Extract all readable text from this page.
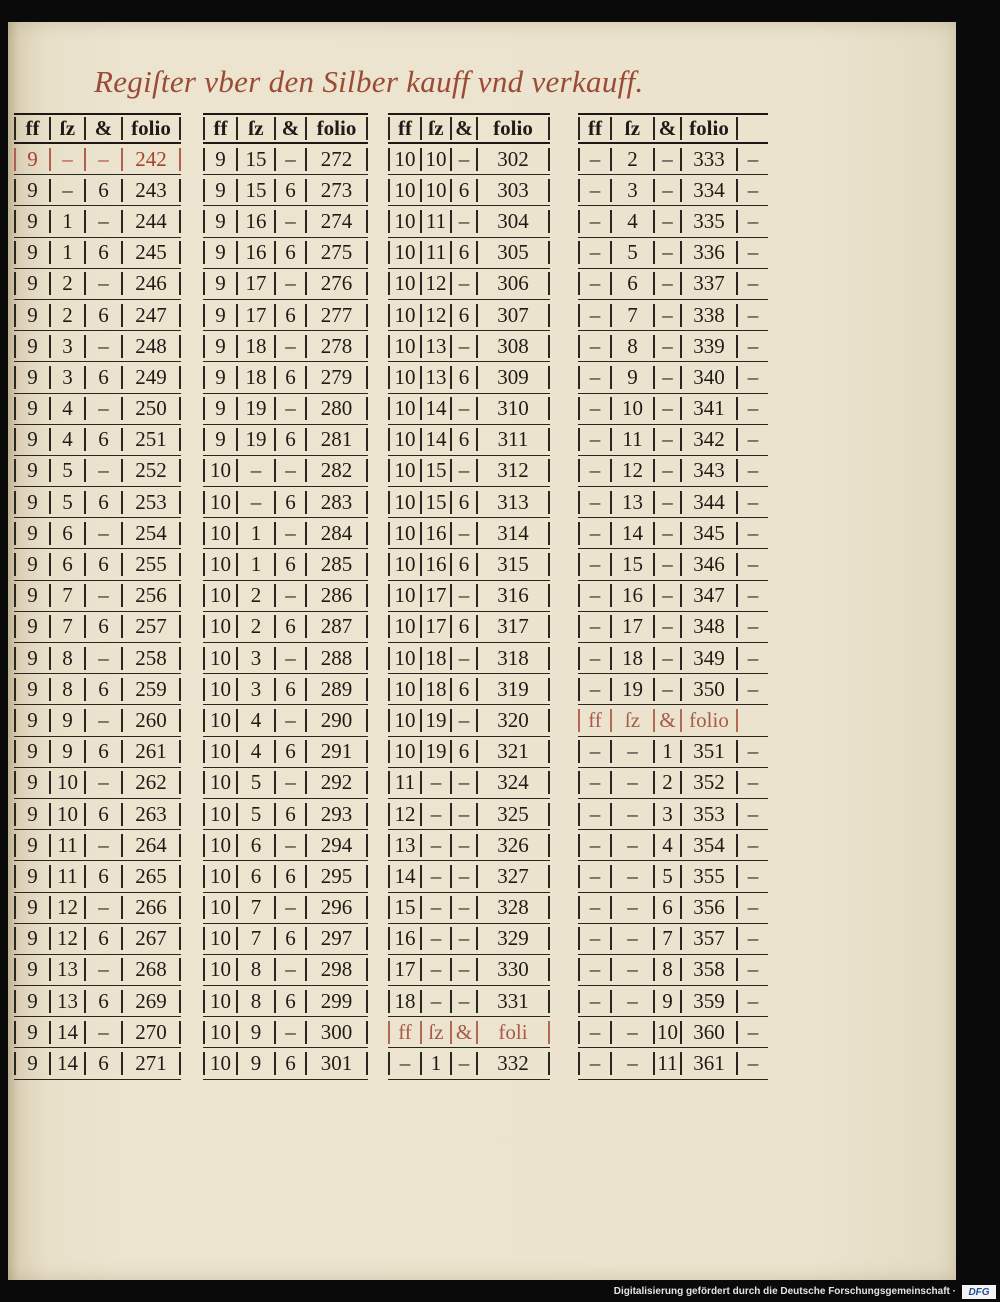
Regiſter vber den Silber kauff vnd verkauff.
ff ſz & folio
9	–	–	242
9	–	6	243
9	1	–	244
9	1	6	245
9	2	–	246
9	2	6	247
9	3	–	248
9	3	6	249
9	4	–	250
9	4	6	251
9	5	–	252
9	5	6	253
9	6	–	254
9	6	6	255
9	7	–	256
9	7	6	257
9	8	–	258
9	8	6	259
9	9	–	260
9	9	6	261
9 10 –	262
9 10 6	263
9 11 –	264
9 11 6	265
9 12 –	266
9 12 6	267
9 13 –	268
9 13 6	269
9 14 –	270
9 14 6	271
ff ſz & folio
9 15 –	272
9 15 6	273
9 16 –	274
9 16 6	275
9 17 –	276
9 17 6	277
9 18 –	278
9 18 6	279
9 19 –	280
9 19 6	281
10 –	–	282
10 –	6	283
10 1	–	284
10 1	6	285
10 2	–	286
10 2	6	287
10 3	–	288
10 3	6	289
10 4	–	290
10 4	6	291
10 5	–	292
10 5	6	293
10 6	–	294
10 6	6	295
10 7	–	296
10 7	6	297
10 8	–	298
10 8	6	299
10 9	–	300
10 9	6	301
ff ſz & folio
10 10 –	302
10 10 6	303
10 11 –	304
10 11 6	305
10 12 –	306
10 12 6	307
10 13 –	308
10 13 6	309
10 14 –	310
10 14 6	311
10 15 –	312
10 15 6	313
10 16 –	314
10 16 6	315
10 17 –	316
10 17 6	317
10 18 –	318
10 18 6	319
10 19 –	320
10 19 6	321
11 – –	324
12 – –	325
13 – –	326
14 – –	327
15 – –	328
16 – –	329
17 – –	330
18 – –	331
ff ſz &	foli
– 1 –	332
ff	ſz & folio
–	2	– 333	–
–	3	– 334	–
–	4	– 335	–
–	5	– 336	–
–	6	– 337	–
–	7	– 338	–
–	8	– 339	–
–	9	– 340	–
–	10 – 341	–
–	11 – 342	–
–	12 – 343	–
–	13 – 344	–
–	14 – 345	–
–	15 – 346	–
–	16 – 347	–
–	17 – 348	–
–	18 – 349	–
–	19 – 350	–
ff	ſz & folio
–	–	1 351	–
–	–	2 352	–
–	–	3 353	–
–	–	4 354	–
–	–	5 355	–
–	–	6 356	–
–	–	7 357	–
–	–	8 358	–
–	–	9 359	–
–	– 10 360	–
–	– 11 361	–
Digitalisierung gefördert durch die Deutsche Forschungsgemeinschaft ·	DFG
